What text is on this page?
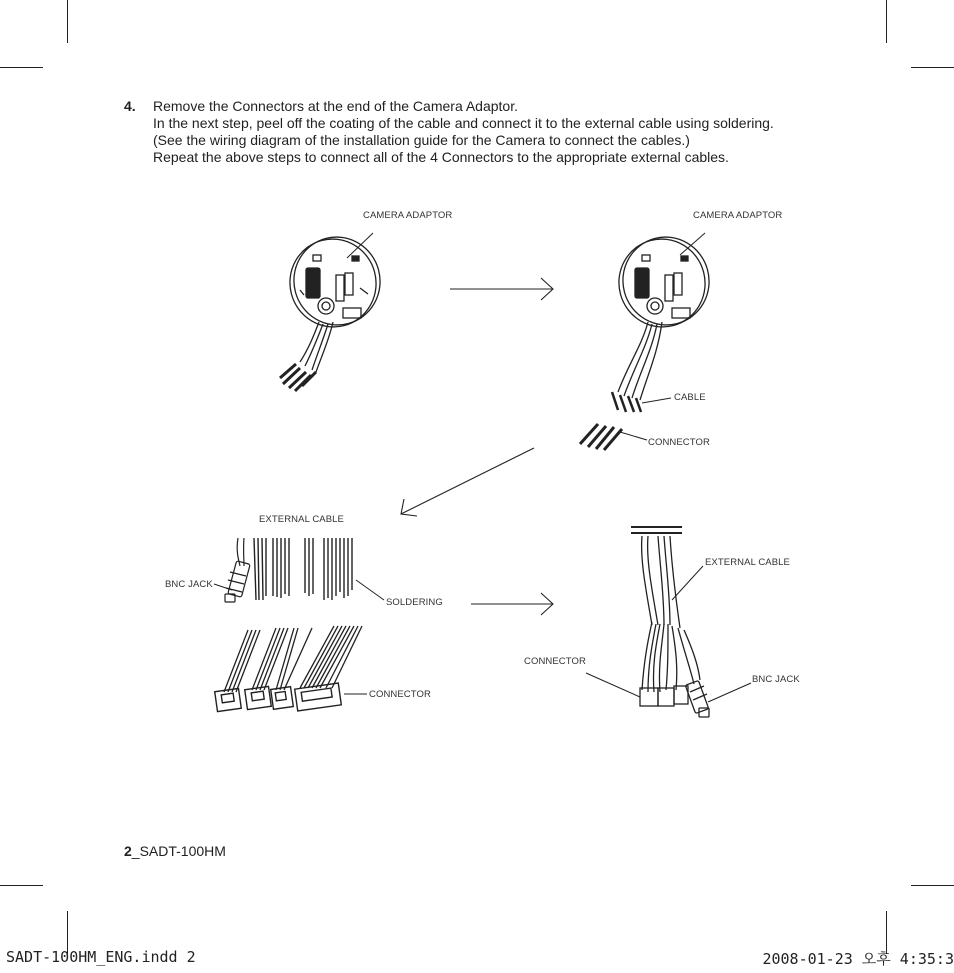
4. Remove the Connectors at the end of the Camera Adaptor.
In the next step, peel off the coating of the cable and connect it to the external cable using soldering.
(See the wiring diagram of the installation guide for the Camera to connect the cables.)
Repeat the above steps to connect all of the 4 Connectors to the appropriate external cables.
CAMERA ADAPTOR	CAMERA ADAPTOR
CABLE
CONNECTOR
EXTERNAL CABLE
BNC JACK
SOLDERING
CONNECTOR
EXTERNAL CABLE
CONNECTOR
BNC JACK
2_SADT-100HM
SADT-100HM_ENG.indd 2	2008-01-23 오후 4:35:3
